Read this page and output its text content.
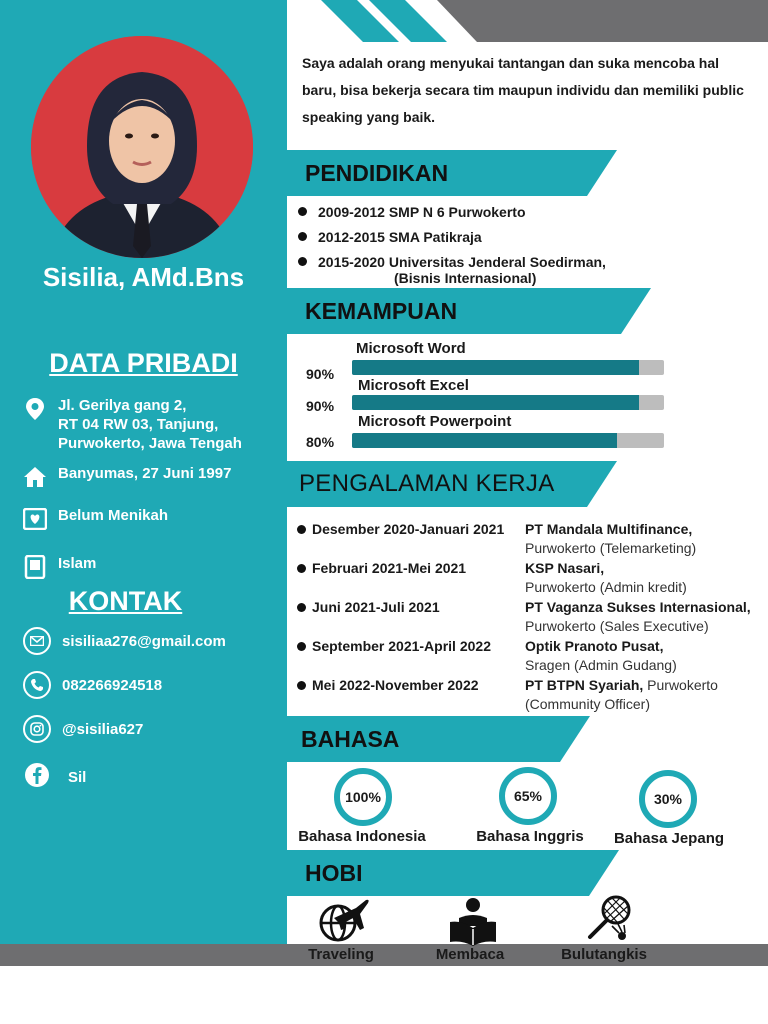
Sisilia, AMd.Bns
DATA PRIBADI
Jl. Gerilya gang 2,
RT 04 RW 03, Tanjung,
Purwokerto, Jawa Tengah
Banyumas, 27 Juni 1997
Belum Menikah
Islam
KONTAK
sisiliaa276@gmail.com
082266924518
@sisilia627
Sil
Saya adalah orang menyukai tantangan dan suka mencoba hal baru, bisa bekerja secara tim maupun individu dan memiliki public speaking yang baik.
PENDIDIKAN
2009-2012 SMP N 6 Purwokerto
2012-2015 SMA Patikraja
2015-2020 Universitas Jenderal Soedirman,
(Bisnis Internasional)
KEMAMPUAN
Microsoft Word
90%
Microsoft Excel
90%
Microsoft Powerpoint
80%
PENGALAMAN KERJA
Desember 2020-Januari 2021 PT Mandala Multifinance,
Purwokerto (Telemarketing)
Februari 2021-Mei 2021	KSP Nasari,
Purwokerto (Admin kredit)
Juni 2021-Juli 2021	PT Vaganza Sukses Internasional,
Purwokerto (Sales Executive)
September 2021-April 2022 Optik Pranoto Pusat,
Sragen (Admin Gudang)
Mei 2022-November 2022	PT BTPN Syariah, Purwokerto
(Community Officer)
BAHASA
100%
Bahasa Indonesia
65%
Bahasa Inggris
30%
Bahasa Jepang
HOBI
Traveling	Membaca	Bulutangkis
